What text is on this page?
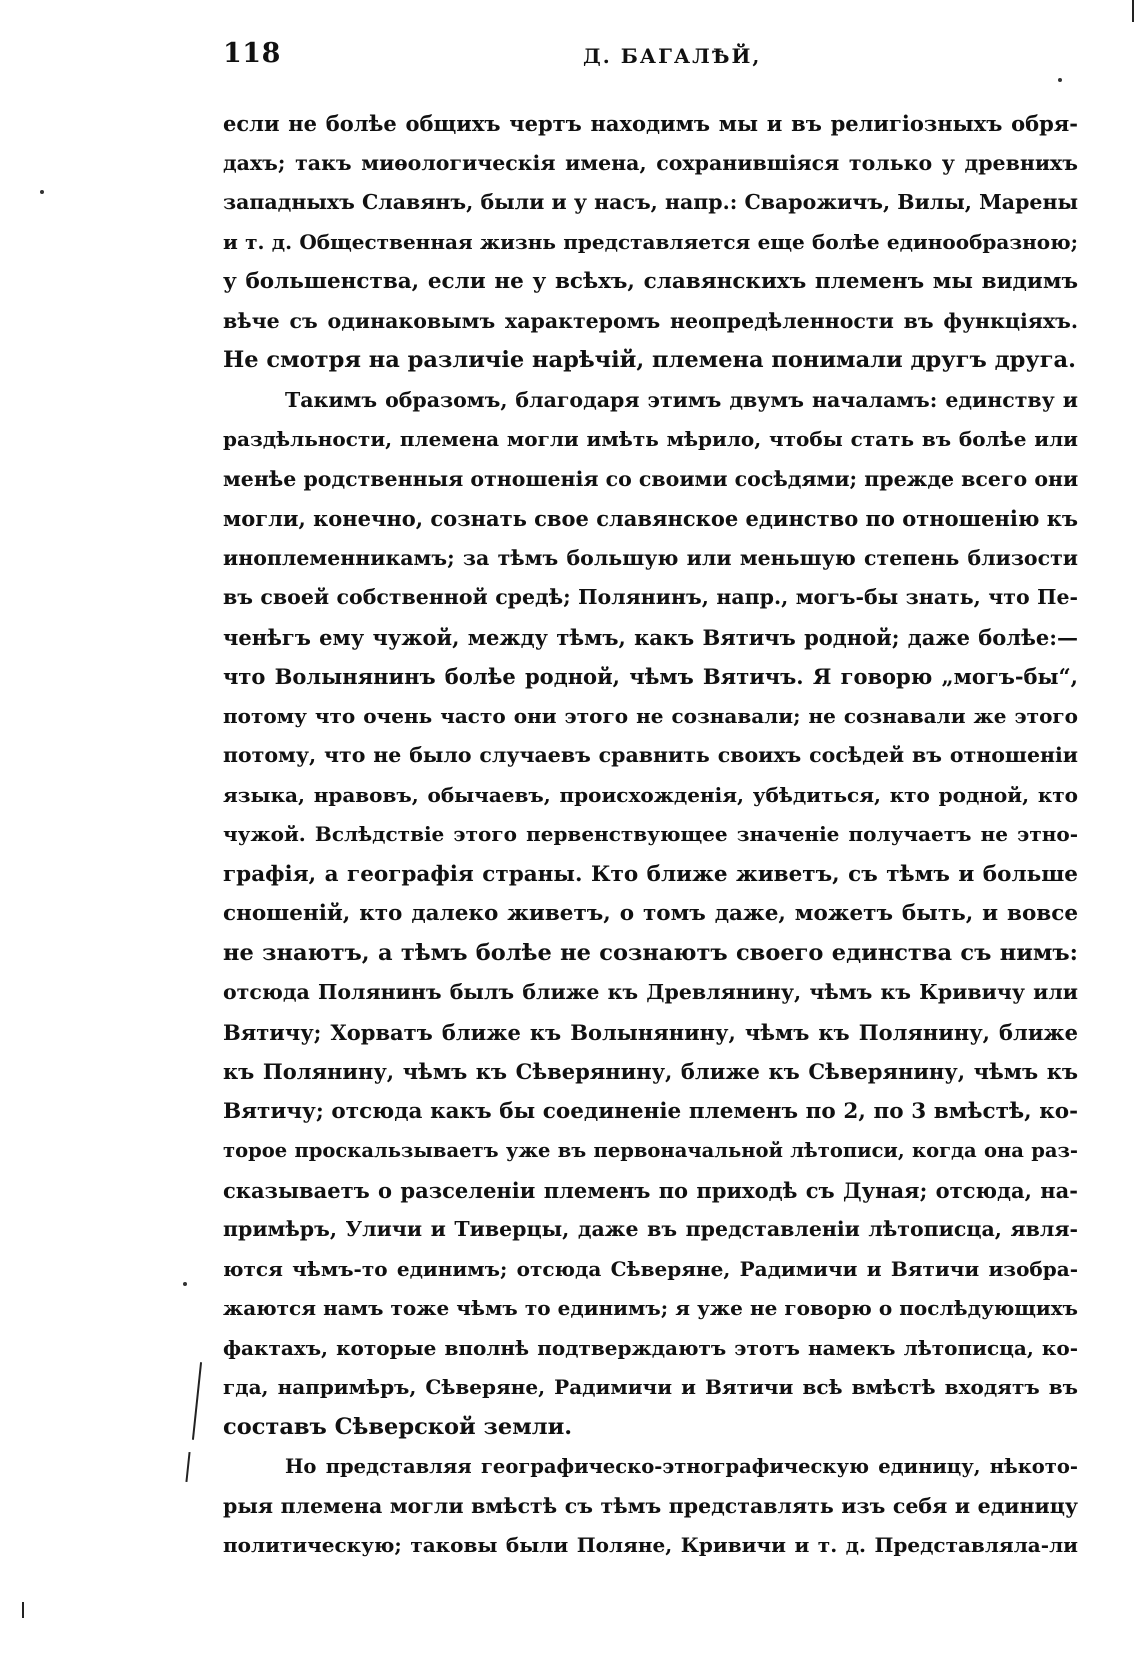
118	Д. БАГАЛѢЙ,
если не болѣе общихъ чертъ находимъ мы и въ религіозныхъ обря-
дахъ; такъ миѳологическія имена, сохранившіяся только у древнихъ
западныхъ Славянъ, были и у насъ, напр.: Сварожичъ, Вилы, Марены
и т. д. Общественная жизнь представляется еще болѣе единообразною;
у большенства, если не у всѣхъ, славянскихъ племенъ мы видимъ
вѣче съ одинаковымъ характеромъ неопредѣленности въ функціяхъ.
Не смотря на различіе нарѣчій, племена понимали другъ друга.
Такимъ образомъ, благодаря этимъ двумъ началамъ: единству и
раздѣльности, племена могли имѣть мѣрило, чтобы стать въ болѣе или
менѣе родственныя отношенія со своими сосѣдями; прежде всего они
могли, конечно, сознать свое славянское единство по отношенію къ
иноплеменникамъ; за тѣмъ большую или меньшую степень близости
въ своей собственной средѣ; Полянинъ, напр., могъ-бы знать, что Пе-
ченѣгъ ему чужой, между тѣмъ, какъ Вятичъ родной; даже болѣе:—
что Волынянинъ болѣе родной, чѣмъ Вятичъ. Я говорю „могъ-бы“,
потому что очень часто они этого не сознавали; не сознавали же этого
потому, что не было случаевъ сравнить своихъ сосѣдей въ отношеніи
языка, нравовъ, обычаевъ, происхожденія, убѣдиться, кто родной, кто
чужой. Вслѣдствіе этого первенствующее значеніе получаетъ не этно-
графія, а географія страны. Кто ближе живетъ, съ тѣмъ и больше
сношеній, кто далеко живетъ, о томъ даже, можетъ быть, и вовсе
не знаютъ, а тѣмъ болѣе не сознаютъ своего единства съ нимъ:
отсюда Полянинъ былъ ближе къ Древлянину, чѣмъ къ Кривичу или
Вятичу; Хорватъ ближе къ Волынянину, чѣмъ къ Полянину, ближе
къ Полянину, чѣмъ къ Сѣверянину, ближе къ Сѣверянину, чѣмъ къ
Вятичу; отсюда какъ бы соединеніе племенъ по 2, по 3 вмѣстѣ, ко-
торое проскальзываетъ уже въ первоначальной лѣтописи, когда она раз-
сказываетъ о разселеніи племенъ по приходѣ съ Дуная; отсюда, на-
примѣръ, Уличи и Тиверцы, даже въ представленіи лѣтописца, явля-
ются чѣмъ-то единимъ; отсюда Сѣверяне, Радимичи и Вятичи изобра-
жаются намъ тоже чѣмъ то единимъ; я уже не говорю о послѣдующихъ
фактахъ, которые вполнѣ подтверждаютъ этотъ намекъ лѣтописца, ко-
гда, напримѣръ, Сѣверяне, Радимичи и Вятичи всѣ вмѣстѣ входятъ въ
составъ Сѣверской земли.
Но представляя географическо-этнографическую единицу, нѣкото-
рыя племена могли вмѣстѣ съ тѣмъ представлять изъ себя и единицу
политическую; таковы были Поляне, Кривичи и т. д. Представляла-ли
